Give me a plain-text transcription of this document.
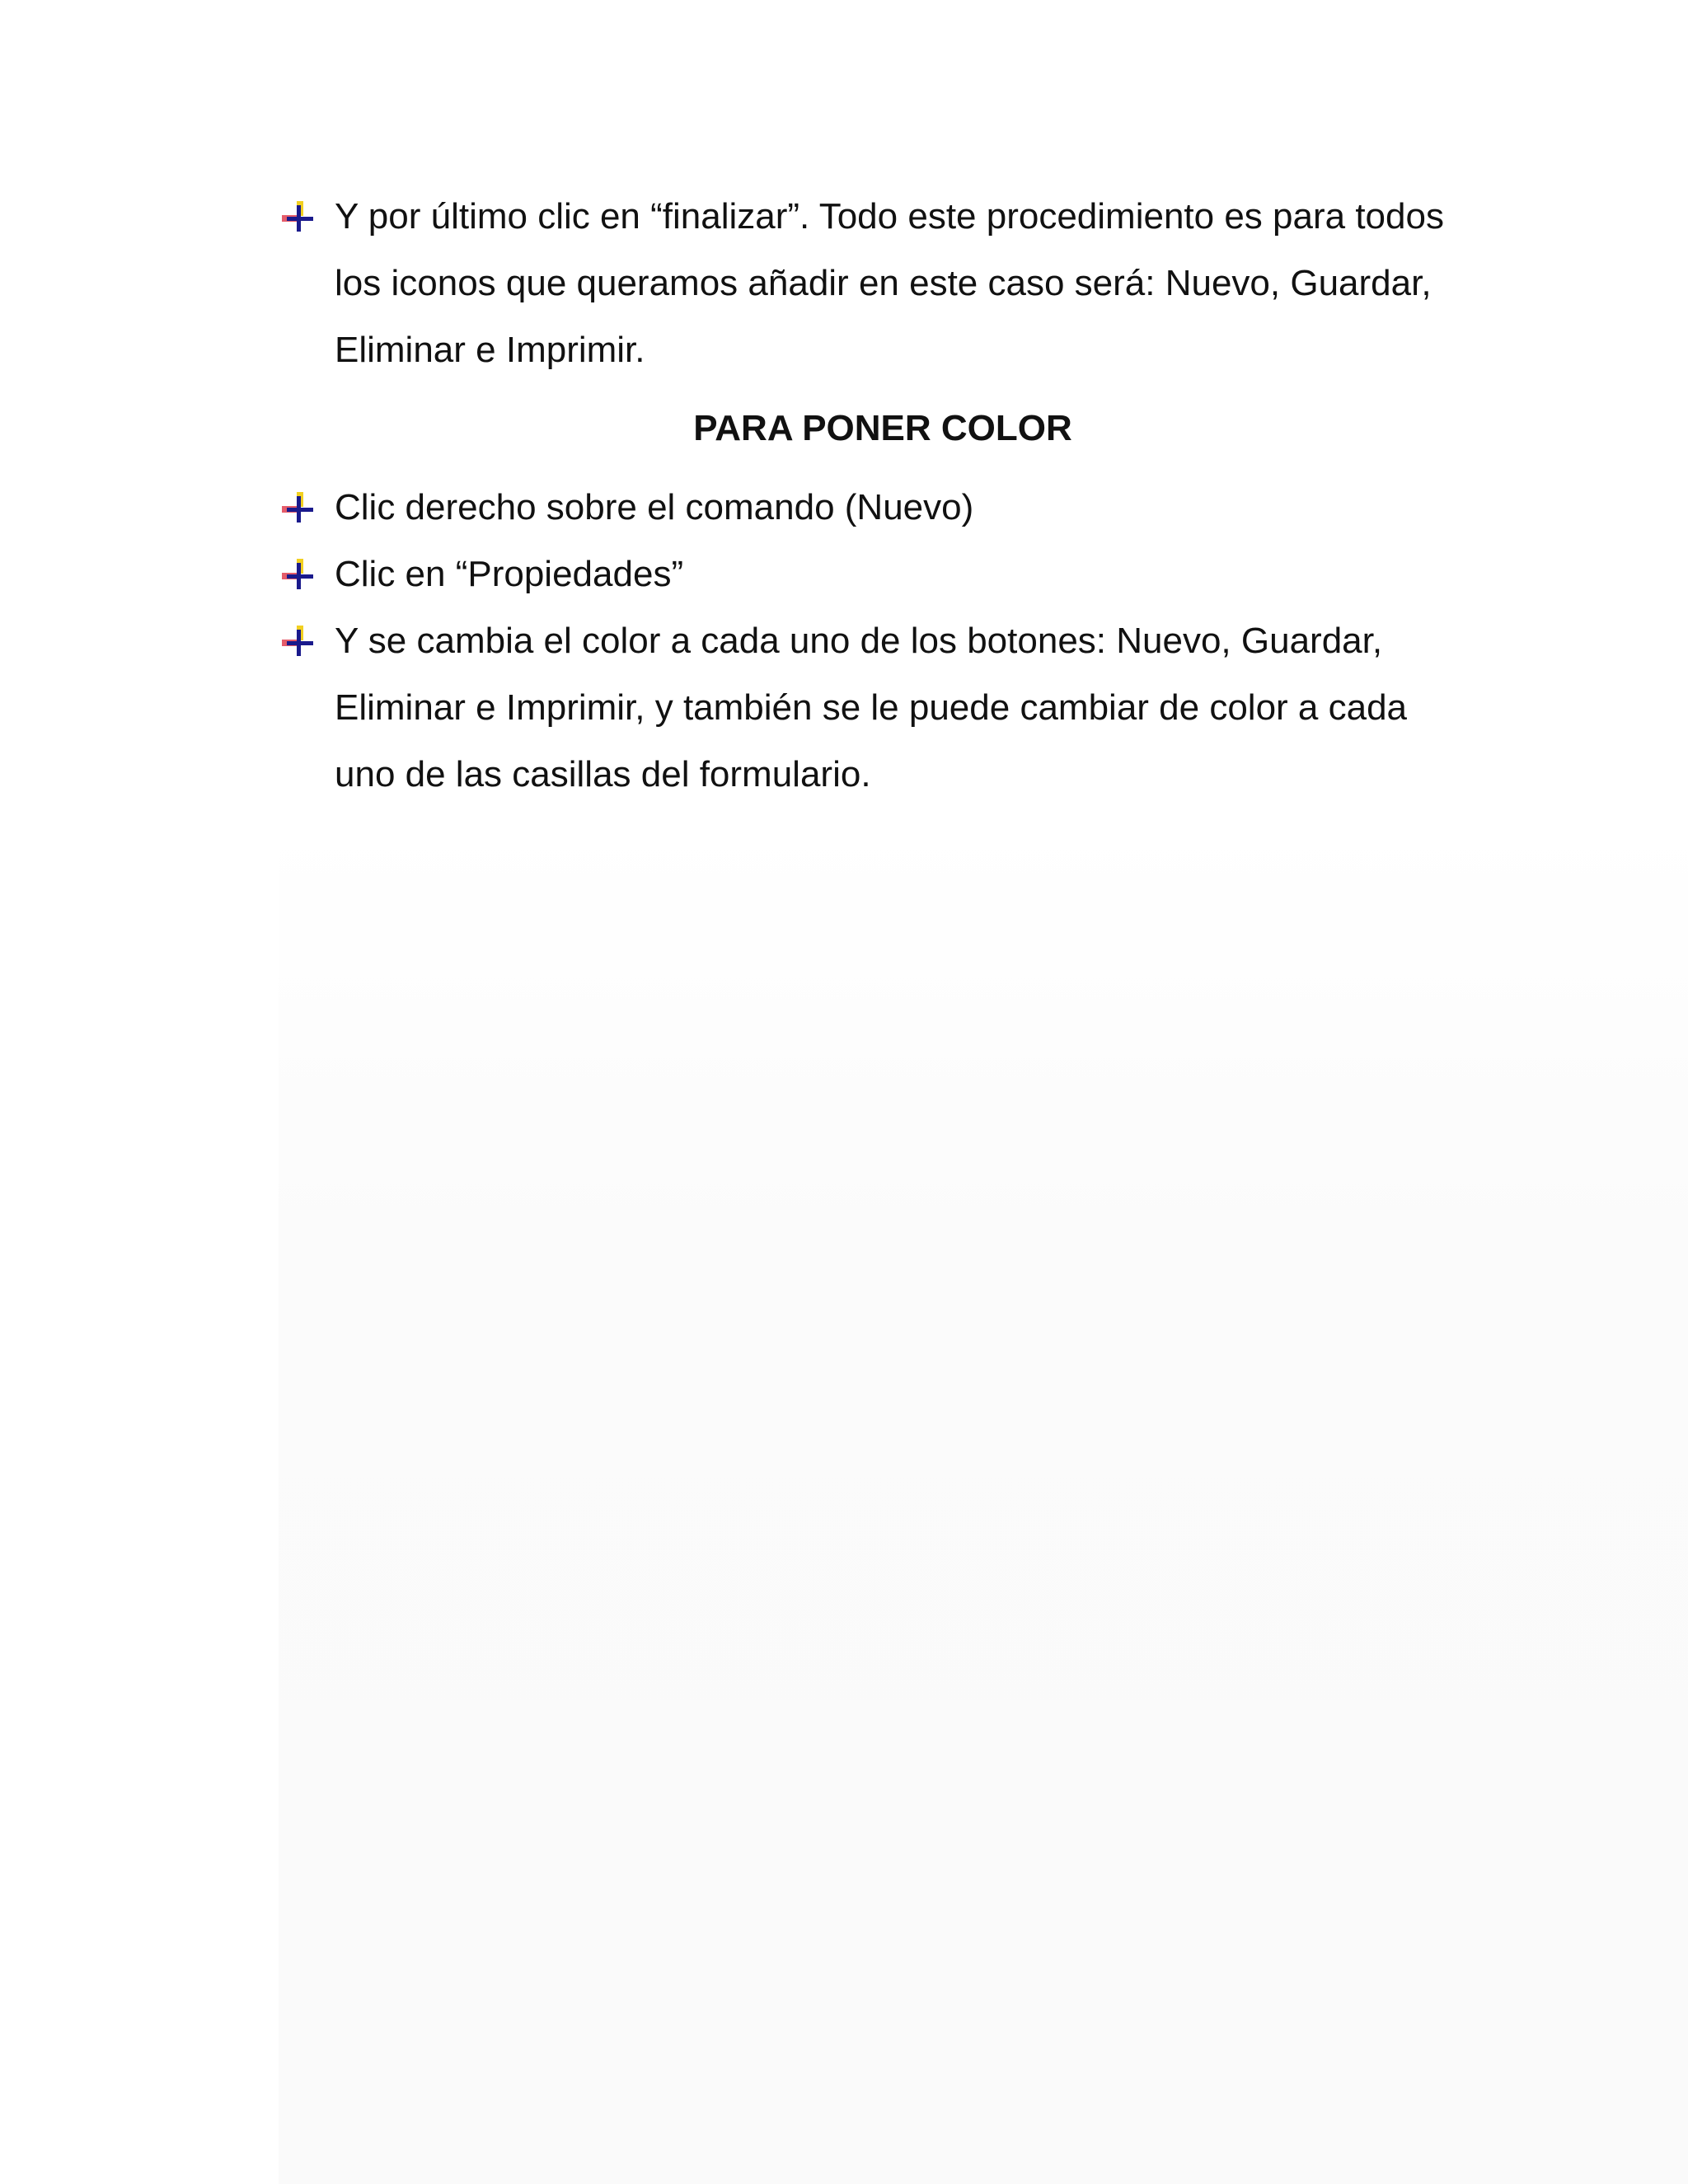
Y por último clic en “finalizar”. Todo este procedimiento es para todos los iconos que queramos añadir en este caso será: Nuevo, Guardar, Eliminar e Imprimir.

PARA PONER COLOR

Clic derecho sobre el comando (Nuevo)

Clic en “Propiedades”

Y se cambia el color a cada uno de los botones: Nuevo, Guardar, Eliminar e Imprimir, y también se le puede cambiar de color a cada uno de las casillas del formulario.
